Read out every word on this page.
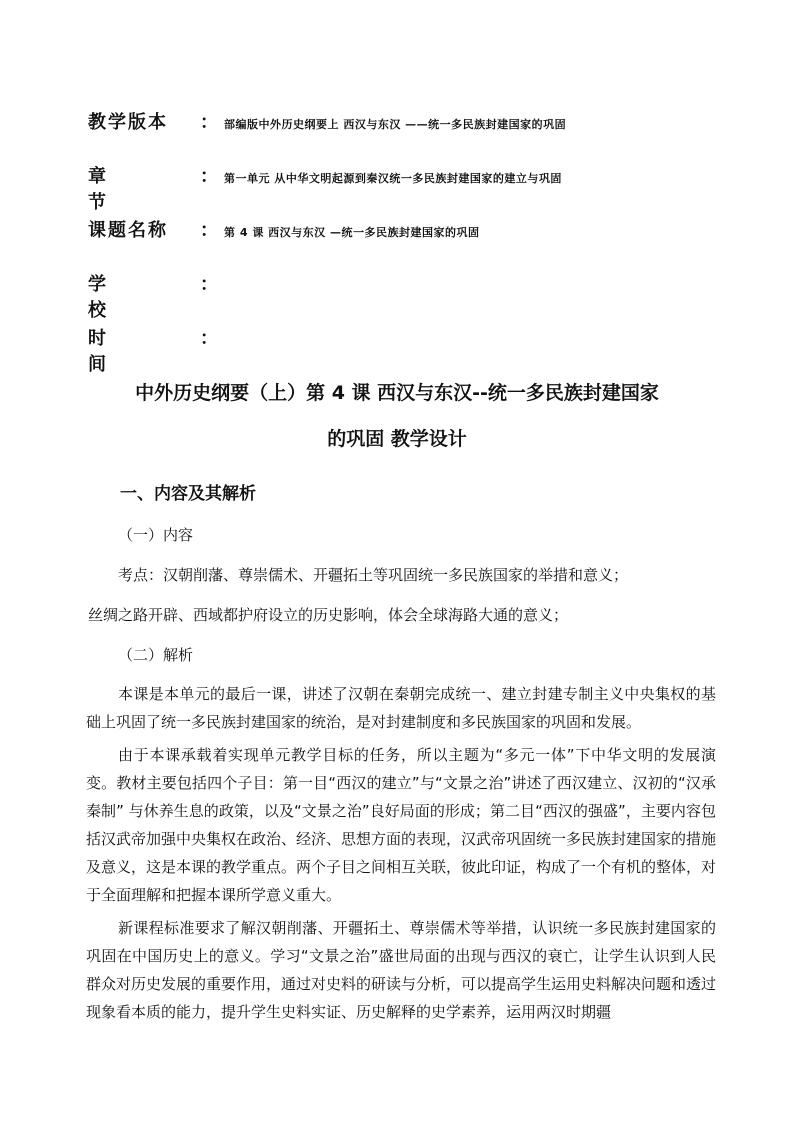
教学版本	： 部编版中外历史纲要上 西汉与东汉 ——统一多民族封建国家的巩固
章节
： 第一单元 从中华文明起源到秦汉统一多民族封建国家的建立与巩固
课题名称	： 第 4 课 西汉与东汉 —统一多民族封建国家的巩固
学校
：
时间
：
中外历史纲要（上）第 4 课 西汉与东汉--统一多民族封建国家
的巩固 教学设计
一、内容及其解析
（一）内容
考点：汉朝削藩、尊崇儒术、开疆拓土等巩固统一多民族国家的举措和意义；
丝绸之路开辟、西域都护府设立的历史影响，体会全球海路大通的意义；
（二）解析
本课是本单元的最后一课，讲述了汉朝在秦朝完成统一、建立封建专制主义中央集权的基础上巩固了统一多民族封建国家的统治，是对封建制度和多民族国家的巩固和发展。
由于本课承载着实现单元教学目标的任务，所以主题为“多元一体”下中华文明的发展演变。教材主要包括四个子目：第一目“西汉的建立”与“文景之治”讲述了西汉建立、汉初的“汉承秦制” 与休养生息的政策，以及“文景之治”良好局面的形成；第二目“西汉的强盛”，主要内容包括汉武帝加强中央集权在政治、经济、思想方面的表现，汉武帝巩固统一多民族封建国家的措施及意义，这是本课的教学重点。两个子目之间相互关联，彼此印证，构成了一个有机的整体，对于全面理解和把握本课所学意义重大。
新课程标准要求了解汉朝削藩、开疆拓土、尊崇儒术等举措，认识统一多民族封建国家的巩固在中国历史上的意义。学习“文景之治”盛世局面的出现与西汉的衰亡，让学生认识到人民群众对历史发展的重要作用，通过对史料的研读与分析，可以提高学生运用史料解决问题和透过现象看本质的能力，提升学生史料实证、历史解释的史学素养，运用两汉时期疆
